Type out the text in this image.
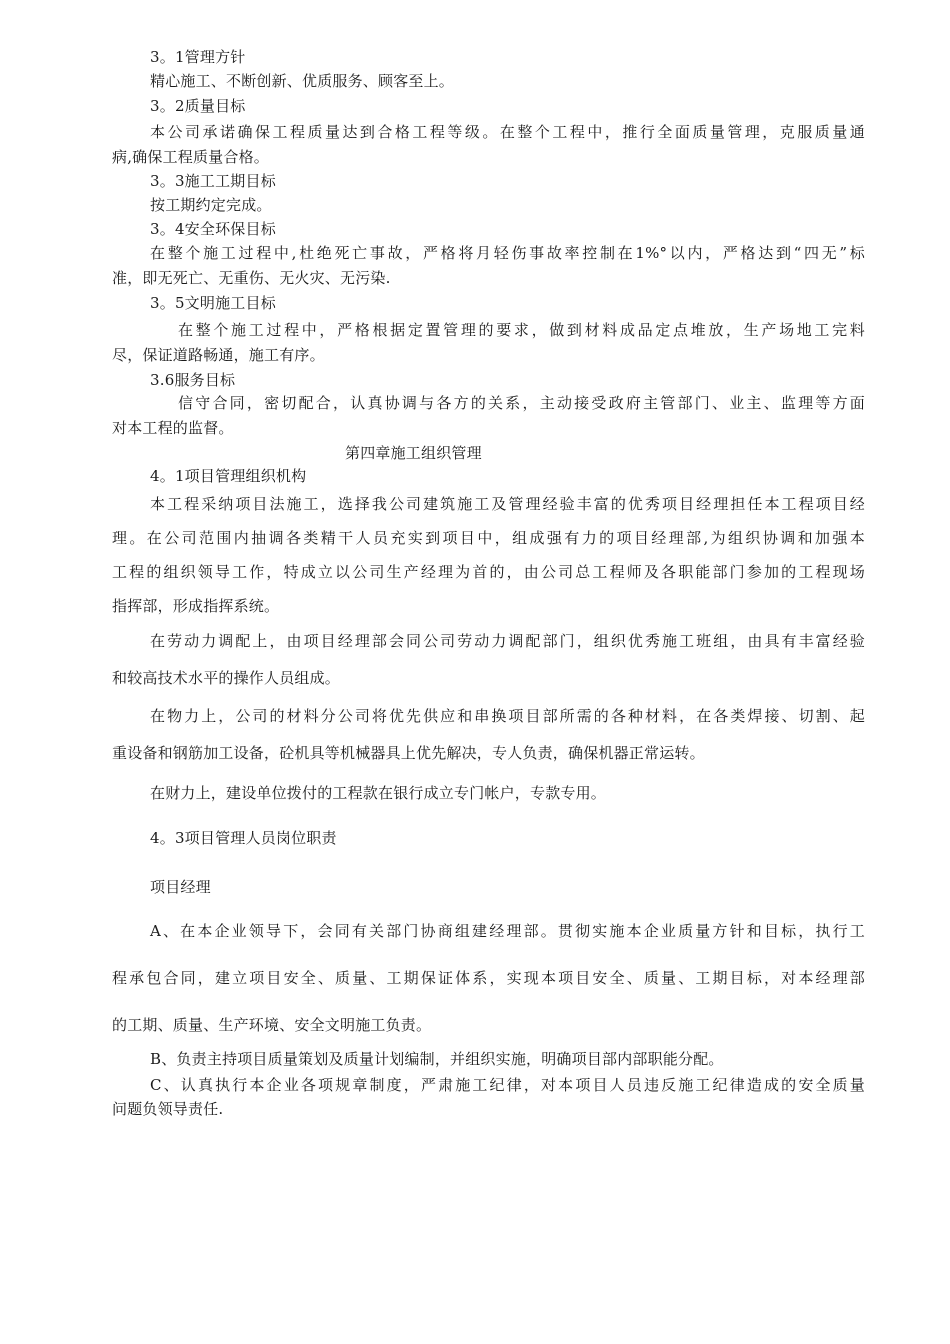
3。1管理方针

精心施工、不断创新、优质服务、顾客至上。

3。2质量目标

本公司承诺确保工程质量达到合格工程等级。在整个工程中，推行全面质量管理，克服质量通

病,确保工程质量合格。

3。3施工工期目标

按工期约定完成。

3。4安全环保目标

在整个施工过程中,杜绝死亡事故，严格将月轻伤事故率控制在1%°以内，严格达到“四无”标

准，即无死亡、无重伤、无火灾、无污染.

3。5文明施工目标

在整个施工过程中，严格根据定置管理的要求，做到材料成品定点堆放，生产场地工完料

尽，保证道路畅通，施工有序。

3.6服务目标

信守合同，密切配合，认真协调与各方的关系，主动接受政府主管部门、业主、监理等方面

对本工程的监督。

第四章施工组织管理

4。1项目管理组织机构

本工程采纳项目法施工，选择我公司建筑施工及管理经验丰富的优秀项目经理担任本工程项目经

理。在公司范围内抽调各类精干人员充实到项目中，组成强有力的项目经理部,为组织协调和加强本

工程的组织领导工作，特成立以公司生产经理为首的，由公司总工程师及各职能部门参加的工程现场

指挥部，形成指挥系统。

在劳动力调配上，由项目经理部会同公司劳动力调配部门，组织优秀施工班组，由具有丰富经验

和较高技术水平的操作人员组成。

在物力上，公司的材料分公司将优先供应和串换项目部所需的各种材料，在各类焊接、切割、起

重设备和钢筋加工设备，砼机具等机械器具上优先解决，专人负责，确保机器正常运转。

在财力上，建设单位拨付的工程款在银行成立专门帐户，专款专用。

4。3项目管理人员岗位职责

项目经理

A、在本企业领导下，会同有关部门协商组建经理部。贯彻实施本企业质量方针和目标，执行工

程承包合同，建立项目安全、质量、工期保证体系，实现本项目安全、质量、工期目标，对本经理部

的工期、质量、生产环境、安全文明施工负责。

B、负责主持项目质量策划及质量计划编制，并组织实施，明确项目部内部职能分配。

C、认真执行本企业各项规章制度，严肃施工纪律，对本项目人员违反施工纪律造成的安全质量

问题负领导责任.
